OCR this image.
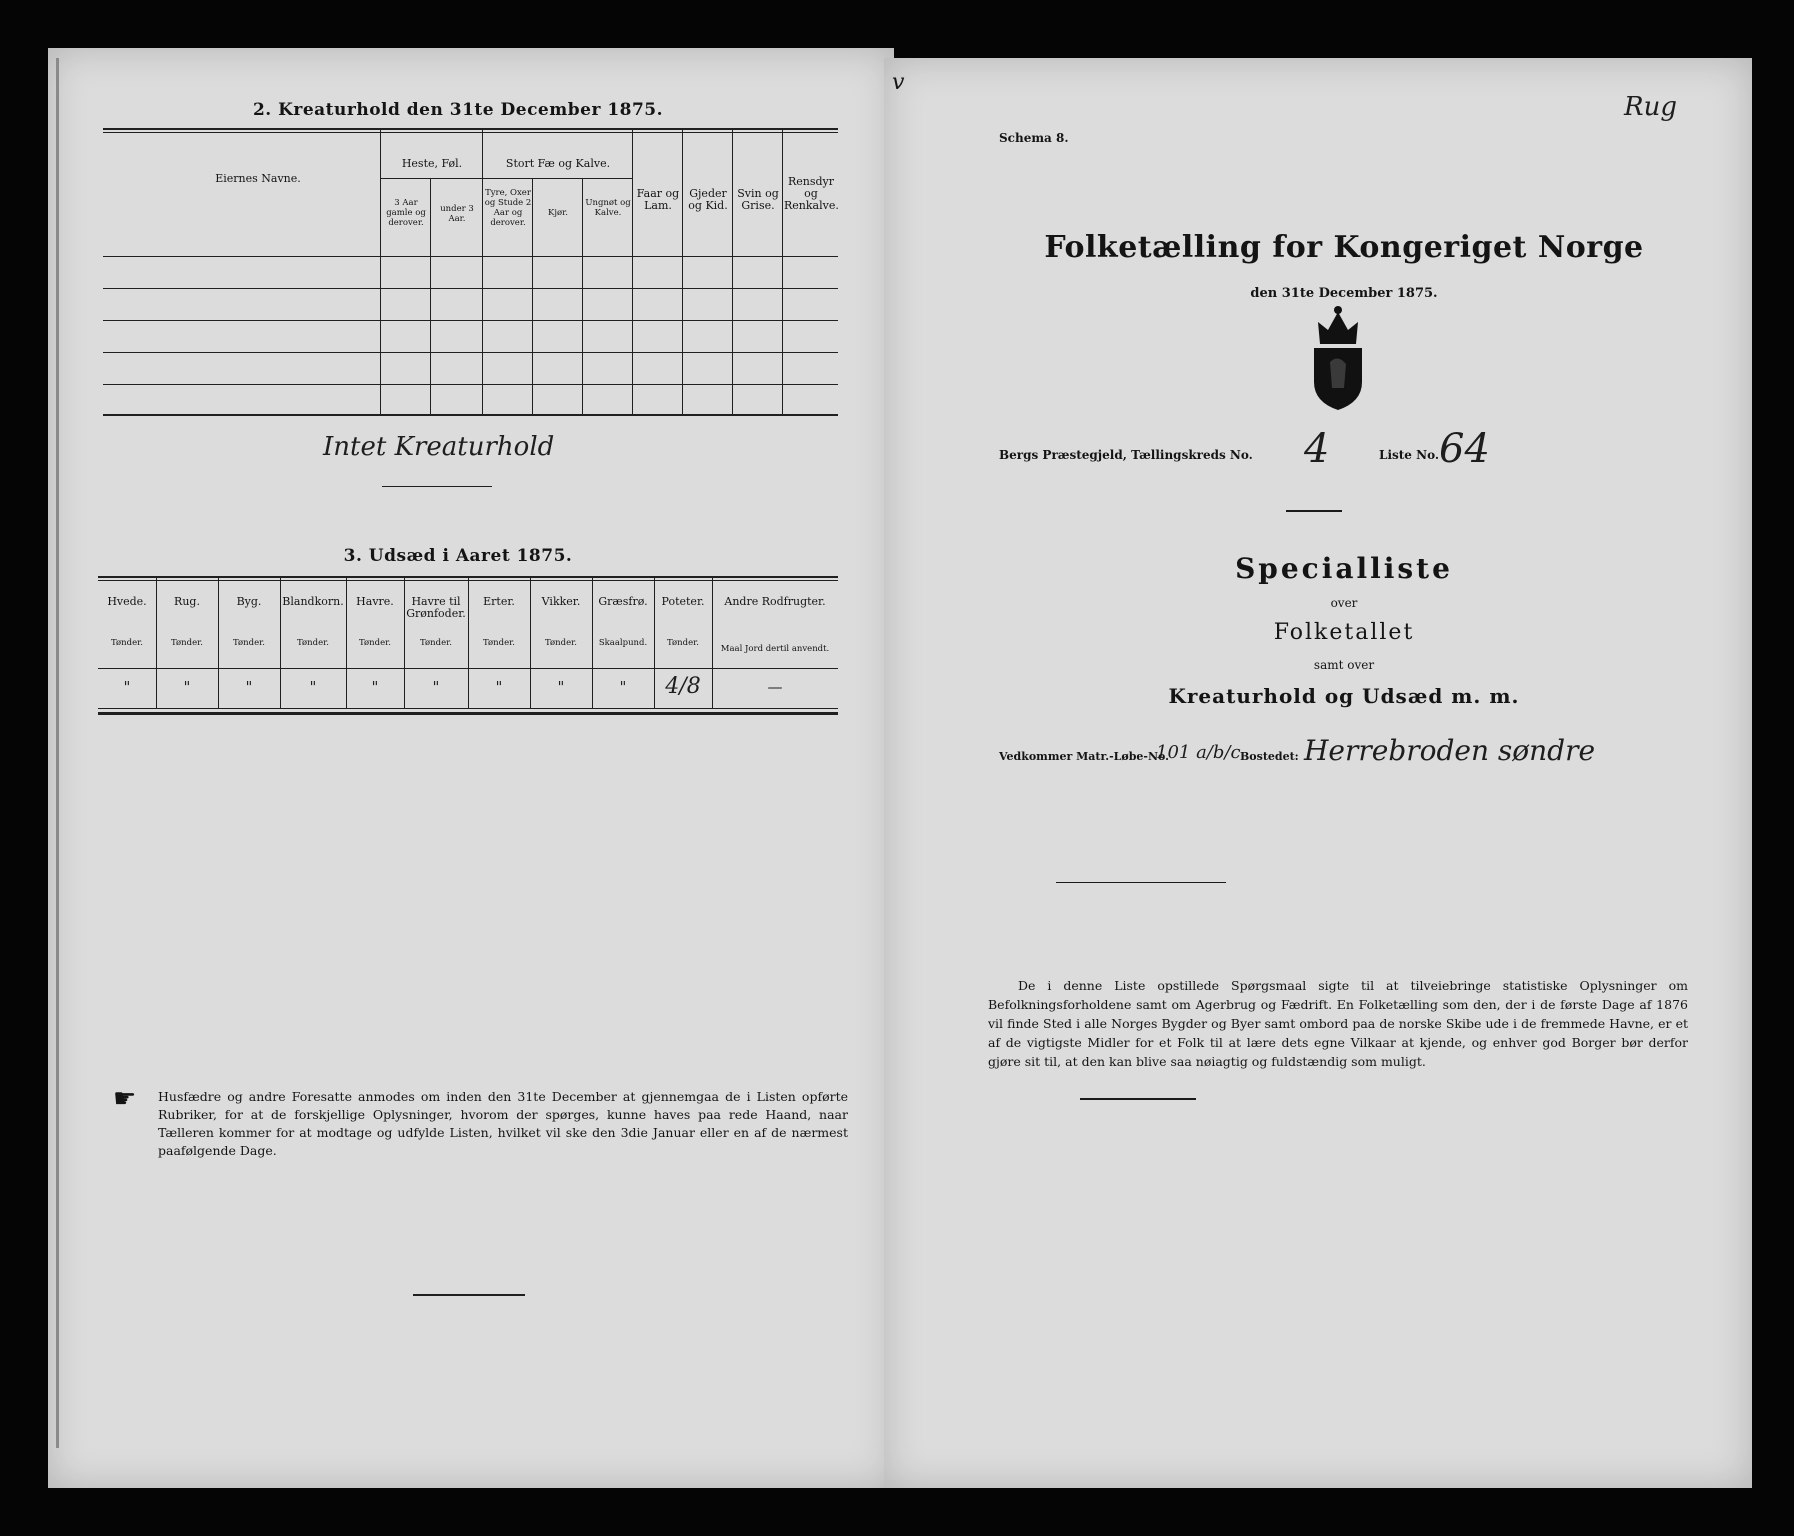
2. Kreaturhold den 31te December 1875.
Eiernes Navne.
Heste, Føl.
3 Aar gamle og derover.
under 3 Aar.
Stort Fæ og Kalve.
Tyre, Oxer og Stude 2 Aar og derover.
Kjør.
Ungnøt og Kalve.
Faar og Lam.
Gjeder og Kid.
Svin og Grise.
Rensdyr og Renkalve.
Intet Kreaturhold
3. Udsæd i Aaret 1875.
Hvede.
Tønder.
"
Rug.
Tønder.
"
Byg.
Tønder.
"
Blandkorn.
Tønder.
"
Havre.
Tønder.
"
Havre til Grønfoder.
Tønder.
"
Erter.
Tønder.
"
Vikker.
Tønder.
"
Græsfrø.
Skaalpund.
"
Poteter.
Tønder.
4/8
Andre Rodfrugter.
Maal Jord dertil anvendt.
—
☛ Husfædre og andre Foresatte anmodes om inden den 31te December at gjennemgaa de i Listen opførte Rubriker, for at de forskjellige Oplysninger, hvorom der spørges, kunne haves paa rede Haand, naar Tælleren kommer for at modtage og udfylde Listen, hvilket vil ske den 3die Januar eller en af de nærmest paafølgende Dage.
v
Schema 8.
Rug
Folketælling for Kongeriget Norge
den 31te December 1875.
Bergs Præstegjeld, Tællingskreds No. 4	Liste No. 64
Specialliste
over
Folketallet
samt over
Kreaturhold og Udsæd m. m.
Vedkommer Matr.-Løbe-No.
101 a/b/c Bostedet: Herrebroden søndre
De i denne Liste opstillede Spørgsmaal sigte til at tilveiebringe statistiske Oplysninger om Befolkningsforholdene samt om Agerbrug og Fædrift. En Folketælling som den, der i de første Dage af 1876 vil finde Sted i alle Norges Bygder og Byer samt ombord paa de norske Skibe ude i de fremmede Havne, er et af de vigtigste Midler for et Folk til at lære dets egne Vilkaar at kjende, og enhver god Borger bør derfor gjøre sit til, at den kan blive saa nøiagtig og fuldstændig som muligt.
